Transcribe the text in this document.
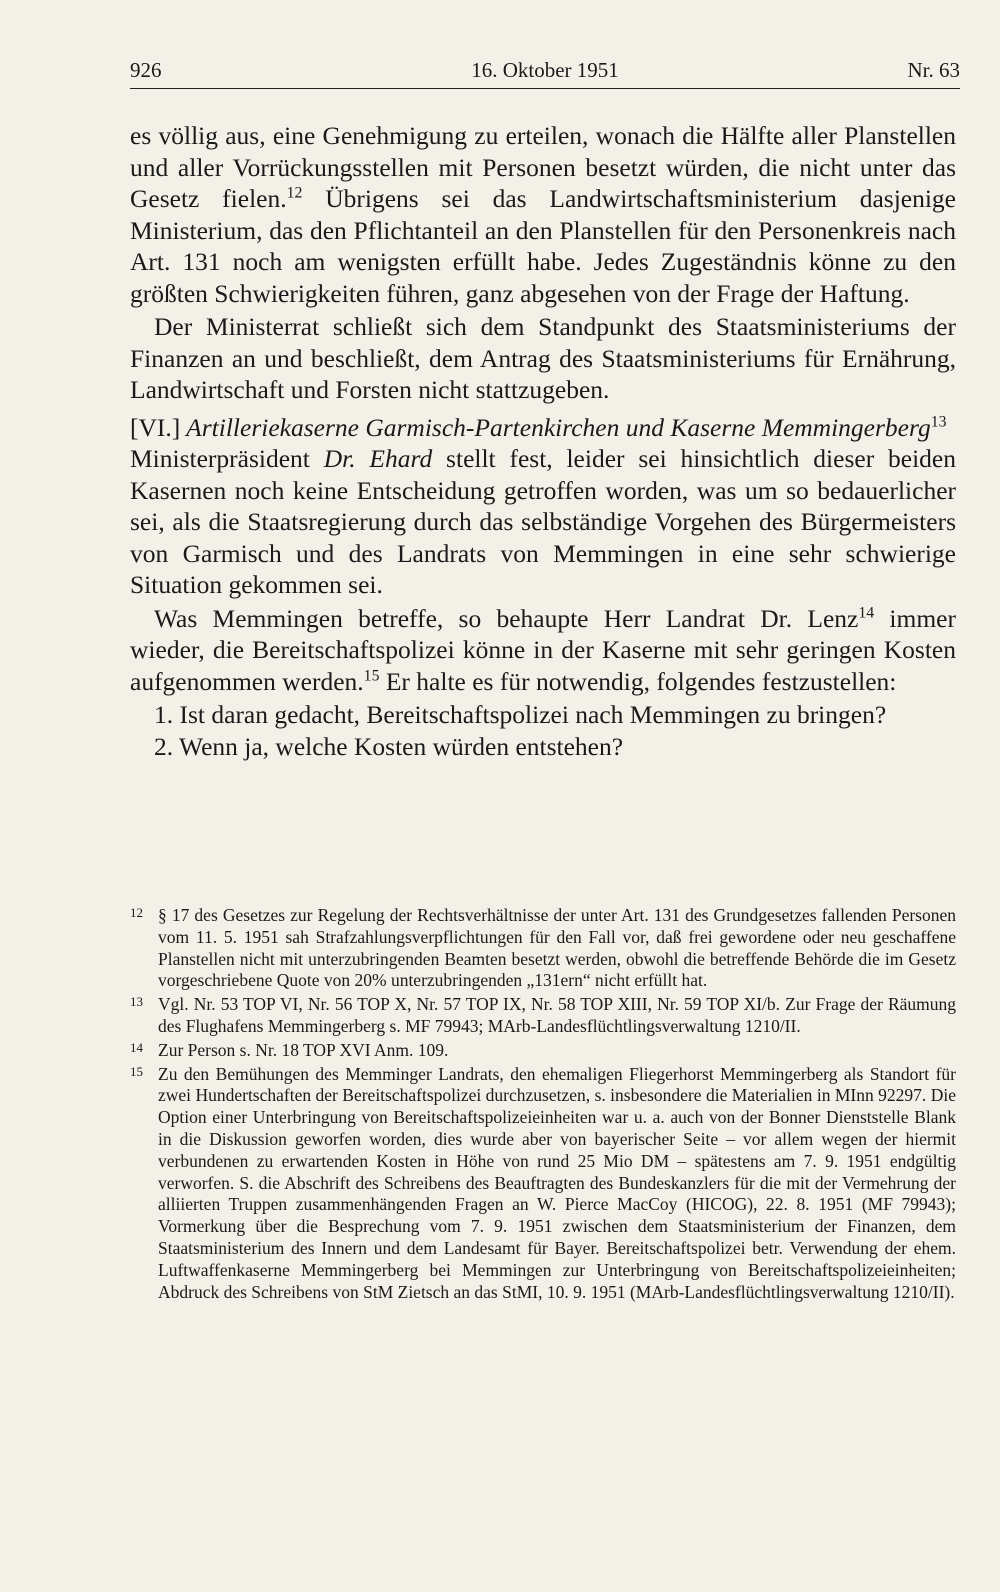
926	16. Oktober 1951	Nr. 63

es völlig aus, eine Genehmigung zu erteilen, wonach die Hälfte aller Planstellen und aller Vorrückungsstellen mit Personen besetzt würden, die nicht unter das Gesetz fielen.$^{12}$ Übrigens sei das Landwirtschaftsministerium dasjenige Ministerium, das den Pflichtanteil an den Planstellen für den Personenkreis nach Art. 131 noch am wenigsten erfüllt habe. Jedes Zugeständnis könne zu den größten Schwierigkeiten führen, ganz abgesehen von der Frage der Haftung.

Der Ministerrat schließt sich dem Standpunkt des Staatsministeriums der Finanzen an und beschließt, dem Antrag des Staatsministeriums für Ernährung, Landwirtschaft und Forsten nicht stattzugeben.

[VI.] Artilleriekaserne Garmisch-Partenkirchen und Kaserne Memmingerberg$^{13}$

Ministerpräsident Dr. Ehard stellt fest, leider sei hinsichtlich dieser beiden Kasernen noch keine Entscheidung getroffen worden, was um so bedauerlicher sei, als die Staatsregierung durch das selbständige Vorgehen des Bürgermeisters von Garmisch und des Landrats von Memmingen in eine sehr schwierige Situation gekommen sei.

Was Memmingen betreffe, so behaupte Herr Landrat Dr. Lenz$^{14}$ immer wieder, die Bereitschaftspolizei könne in der Kaserne mit sehr geringen Kosten aufgenommen werden.$^{15}$ Er halte es für notwendig, folgendes festzustellen:

1. Ist daran gedacht, Bereitschaftspolizei nach Memmingen zu bringen?

2. Wenn ja, welche Kosten würden entstehen?

12 § 17 des Gesetzes zur Regelung der Rechtsverhältnisse der unter Art. 131 des Grundgesetzes fallenden Personen vom 11. 5. 1951 sah Strafzahlungsverpflichtungen für den Fall vor, daß frei gewordene oder neu geschaffene Planstellen nicht mit unterzubringenden Beamten besetzt werden, obwohl die betreffende Behörde die im Gesetz vorgeschriebene Quote von 20% unterzubringenden „131ern“ nicht erfüllt hat.
13 Vgl. Nr. 53 TOP VI, Nr. 56 TOP X, Nr. 57 TOP IX, Nr. 58 TOP XIII, Nr. 59 TOP XI/b. Zur Frage der Räumung des Flughafens Memmingerberg s. MF 79943; MArb-Landesflüchtlingsverwaltung 1210/II.
14 Zur Person s. Nr. 18 TOP XVI Anm. 109.
15 Zu den Bemühungen des Memminger Landrats, den ehemaligen Fliegerhorst Memmingerberg als Standort für zwei Hundertschaften der Bereitschaftspolizei durchzusetzen, s. insbesondere die Materialien in MInn 92297. Die Option einer Unterbringung von Bereitschaftspolizeieinheiten war u. a. auch von der Bonner Dienststelle Blank in die Diskussion geworfen worden, dies wurde aber von bayerischer Seite – vor allem wegen der hiermit verbundenen zu erwartenden Kosten in Höhe von rund 25 Mio DM – spätestens am 7. 9. 1951 endgültig verworfen. S. die Abschrift des Schreibens des Beauftragten des Bundeskanzlers für die mit der Vermehrung der alliierten Truppen zusammenhängenden Fragen an W. Pierce MacCoy (HICOG), 22. 8. 1951 (MF 79943); Vormerkung über die Besprechung vom 7. 9. 1951 zwischen dem Staatsministerium der Finanzen, dem Staatsministerium des Innern und dem Landesamt für Bayer. Bereitschaftspolizei betr. Verwendung der ehem. Luftwaffenkaserne Memmingerberg bei Memmingen zur Unterbringung von Bereitschaftspolizeieinheiten; Abdruck des Schreibens von StM Zietsch an das StMI, 10. 9. 1951 (MArb-Landesflüchtlingsverwaltung 1210/II).
